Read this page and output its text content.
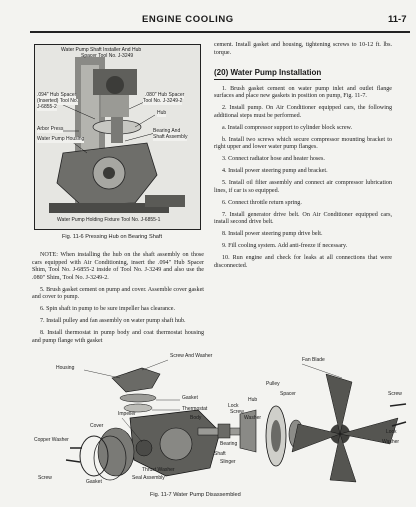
ENGINE COOLING	11-7
Water Pump Shaft Installer And Hub
Spacer Tool No. J-3249
.094" Hub Spacer
(Inserted) Tool No.
J-6855-2
.080" Hub Spacer
Tool No. J-3249-2
Hub
Arbor Press
Water Pump Housing
Bearing And
Shaft Assembly
Water Pump Holding Fixture Tool No. J-6855-1
Fig. 11-6 Pressing Hub on Bearing Shaft

NOTE: When installing the hub on the shaft assembly on those cars equipped with Air Conditioning, insert the .094" Hub Spacer Shim, Tool No. J-6855-2 inside of Tool No. J-3249 and also use the .080" Shim, Tool No. J-3249-2.

5. Brush gasket cement on pump and cover. Assemble cover gasket and cover to pump.

6. Spin shaft in pump to be sure impeller has clearance.

7. Install pulley and fan assembly on water pump shaft hub.

8. Install thermostat in pump body and coat thermostat housing and pump flange with gasket

cement. Install gasket and housing, tightening screws to 10-12 ft. lbs. torque.

(20) Water Pump Installation

1. Brush gasket cement on water pump inlet and outlet flange surfaces and place new gaskets in position on pump, Fig. 11-7.

2. Install pump. On Air Conditioner equipped cars, the following additional steps must be performed.

a. Install compressor support to cylinder block screw.

b. Install two screws which secure compressor mounting bracket to right upper and lower water pump flanges.

3. Connect radiator hose and heater hoses.

4. Install power steering pump and bracket.

5. Install oil filter assembly and connect air compressor lubrication lines, if car is so equipped.

6. Connect throttle return spring.

7. Install generator drive belt. On Air Conditioner equipped cars, install second drive belt.

8. Install power steering pump drive belt.

9. Fill cooling system. Add anti-freeze if necessary.

10. Run engine and check for leaks at all connections that were disconnected.

Screw And Washer
Housing
Gasket
Thermostat
Body
Cover
Impeller
Copper Washer
Screw
Gasket
Thrust Washer
Seal Assembly
Shaft
Bearing
Slinger
Lock
Screw
Washer
Hub
Pulley
Spacer
Fan Blade
Screw
Lock
Washer
Fig. 11-7 Water Pump Disassembled
